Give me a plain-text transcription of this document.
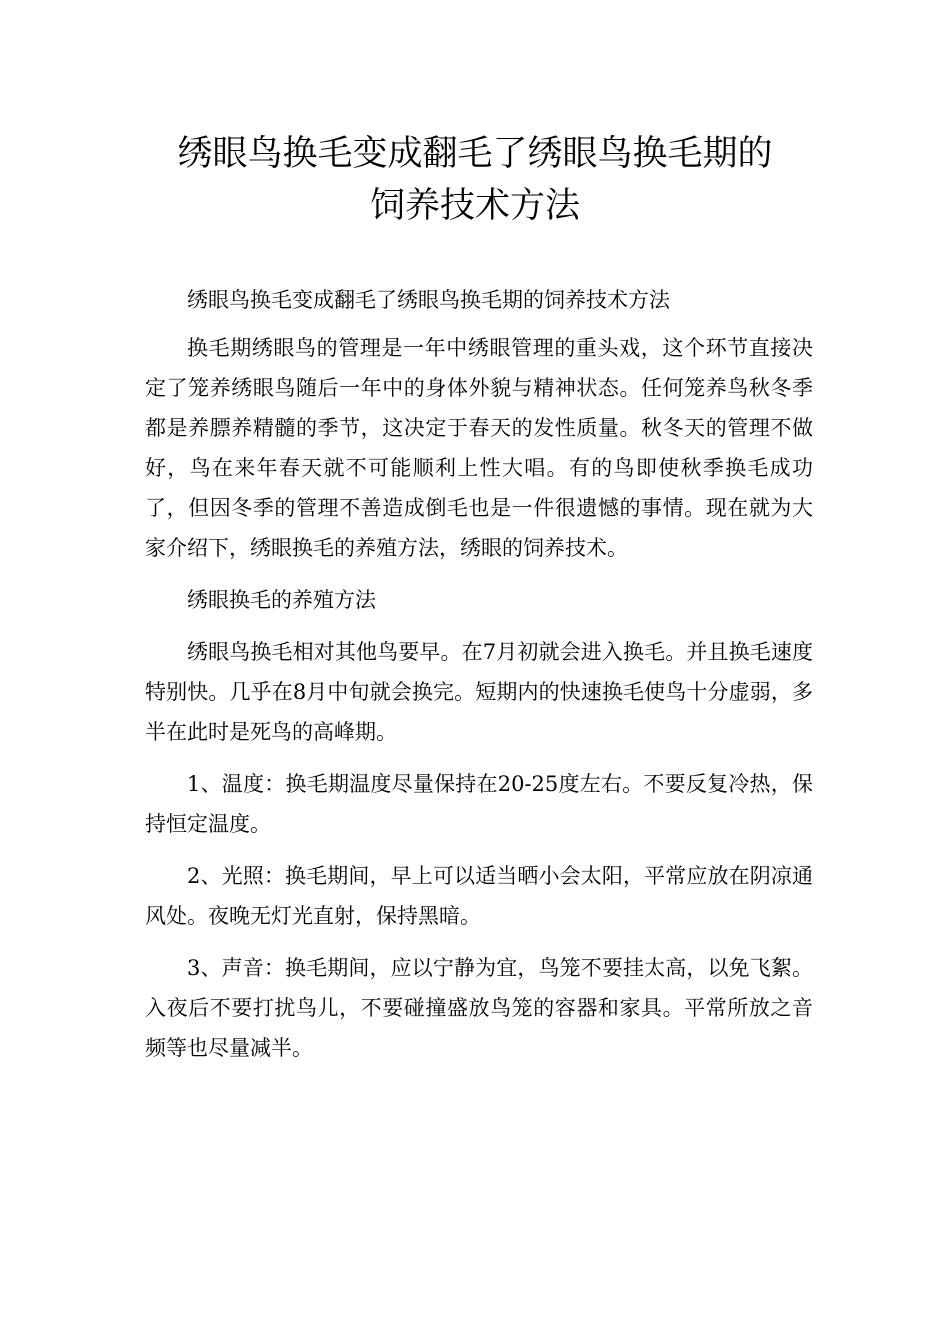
绣眼鸟换毛变成翻毛了绣眼鸟换毛期的
饲养技术方法

绣眼鸟换毛变成翻毛了绣眼鸟换毛期的饲养技术方法

换毛期绣眼鸟的管理是一年中绣眼管理的重头戏，这个环节直接决定了笼养绣眼鸟随后一年中的身体外貌与精神状态。任何笼养鸟秋冬季都是养膘养精髓的季节，这决定于春天的发性质量。秋冬天的管理不做好，鸟在来年春天就不可能顺利上性大唱。有的鸟即使秋季换毛成功了，但因冬季的管理不善造成倒毛也是一件很遗憾的事情。现在就为大家介绍下，绣眼换毛的养殖方法，绣眼的饲养技术。

绣眼换毛的养殖方法

绣眼鸟换毛相对其他鸟要早。在7月初就会进入换毛。并且换毛速度特别快。几乎在8月中旬就会换完。短期内的快速换毛使鸟十分虚弱，多半在此时是死鸟的高峰期。

1、温度：换毛期温度尽量保持在20-25度左右。不要反复冷热，保持恒定温度。

2、光照：换毛期间，早上可以适当晒小会太阳，平常应放在阴凉通风处。夜晚无灯光直射，保持黑暗。

3、声音：换毛期间，应以宁静为宜，鸟笼不要挂太高，以免飞絮。入夜后不要打扰鸟儿，不要碰撞盛放鸟笼的容器和家具。平常所放之音频等也尽量减半。
